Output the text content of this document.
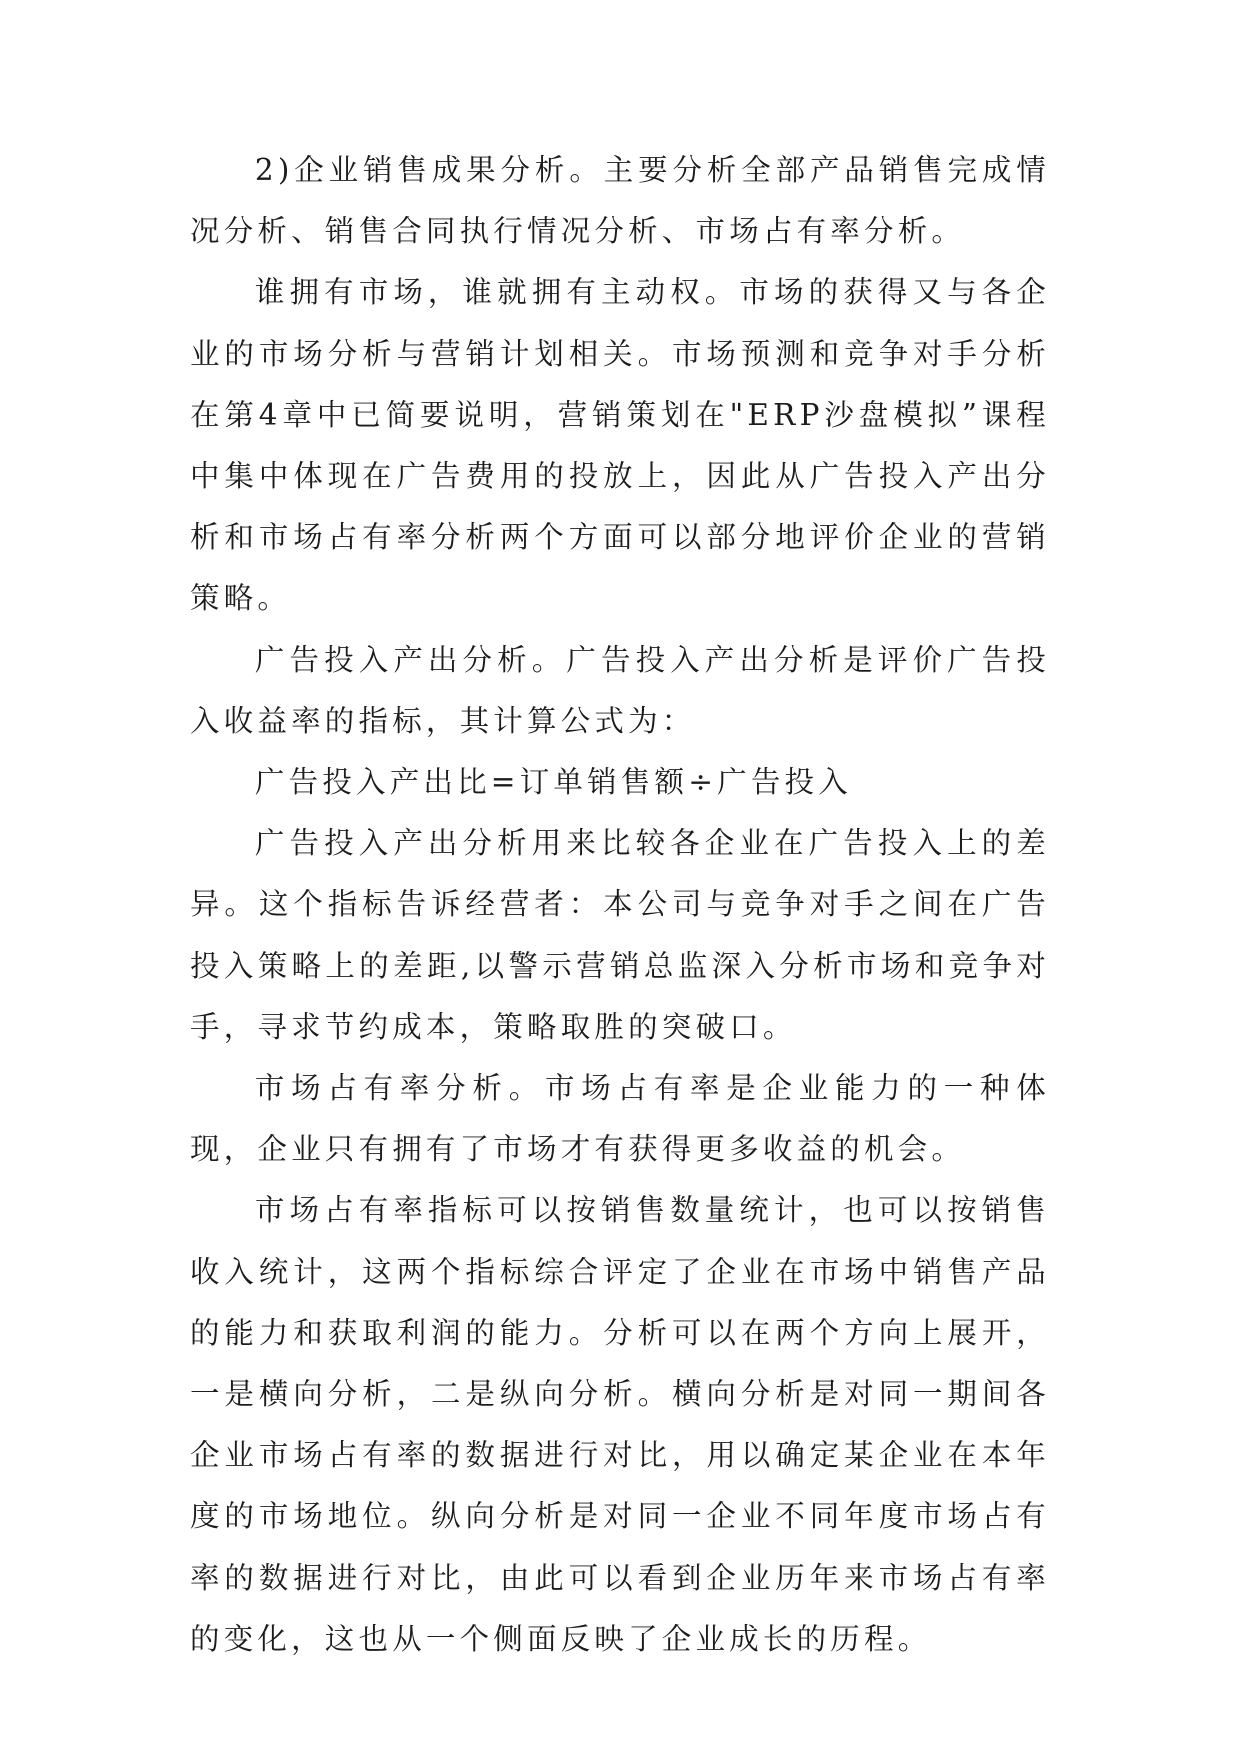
2)企业销售成果分析。主要分析全部产品销售完成情况分析、销售合同执行情况分析、市场占有率分析。

谁拥有市场，谁就拥有主动权。市场的获得又与各企业的市场分析与营销计划相关。市场预测和竞争对手分析在第4章中已简要说明，营销策划在"ERP沙盘模拟”课程中集中体现在广告费用的投放上，因此从广告投入产出分析和市场占有率分析两个方面可以部分地评价企业的营销策略。

广告投入产出分析。广告投入产出分析是评价广告投入收益率的指标，其计算公式为：

广告投入产出比=订单销售额÷广告投入

广告投入产出分析用来比较各企业在广告投入上的差异。这个指标告诉经营者：本公司与竞争对手之间在广告投入策略上的差距,以警示营销总监深入分析市场和竞争对手，寻求节约成本，策略取胜的突破口。

市场占有率分析。市场占有率是企业能力的一种体现，企业只有拥有了市场才有获得更多收益的机会。

市场占有率指标可以按销售数量统计，也可以按销售收入统计，这两个指标综合评定了企业在市场中销售产品的能力和获取利润的能力。分析可以在两个方向上展开，一是横向分析，二是纵向分析。横向分析是对同一期间各企业市场占有率的数据进行对比，用以确定某企业在本年度的市场地位。纵向分析是对同一企业不同年度市场占有率的数据进行对比，由此可以看到企业历年来市场占有率的变化，这也从一个侧面反映了企业成长的历程。
